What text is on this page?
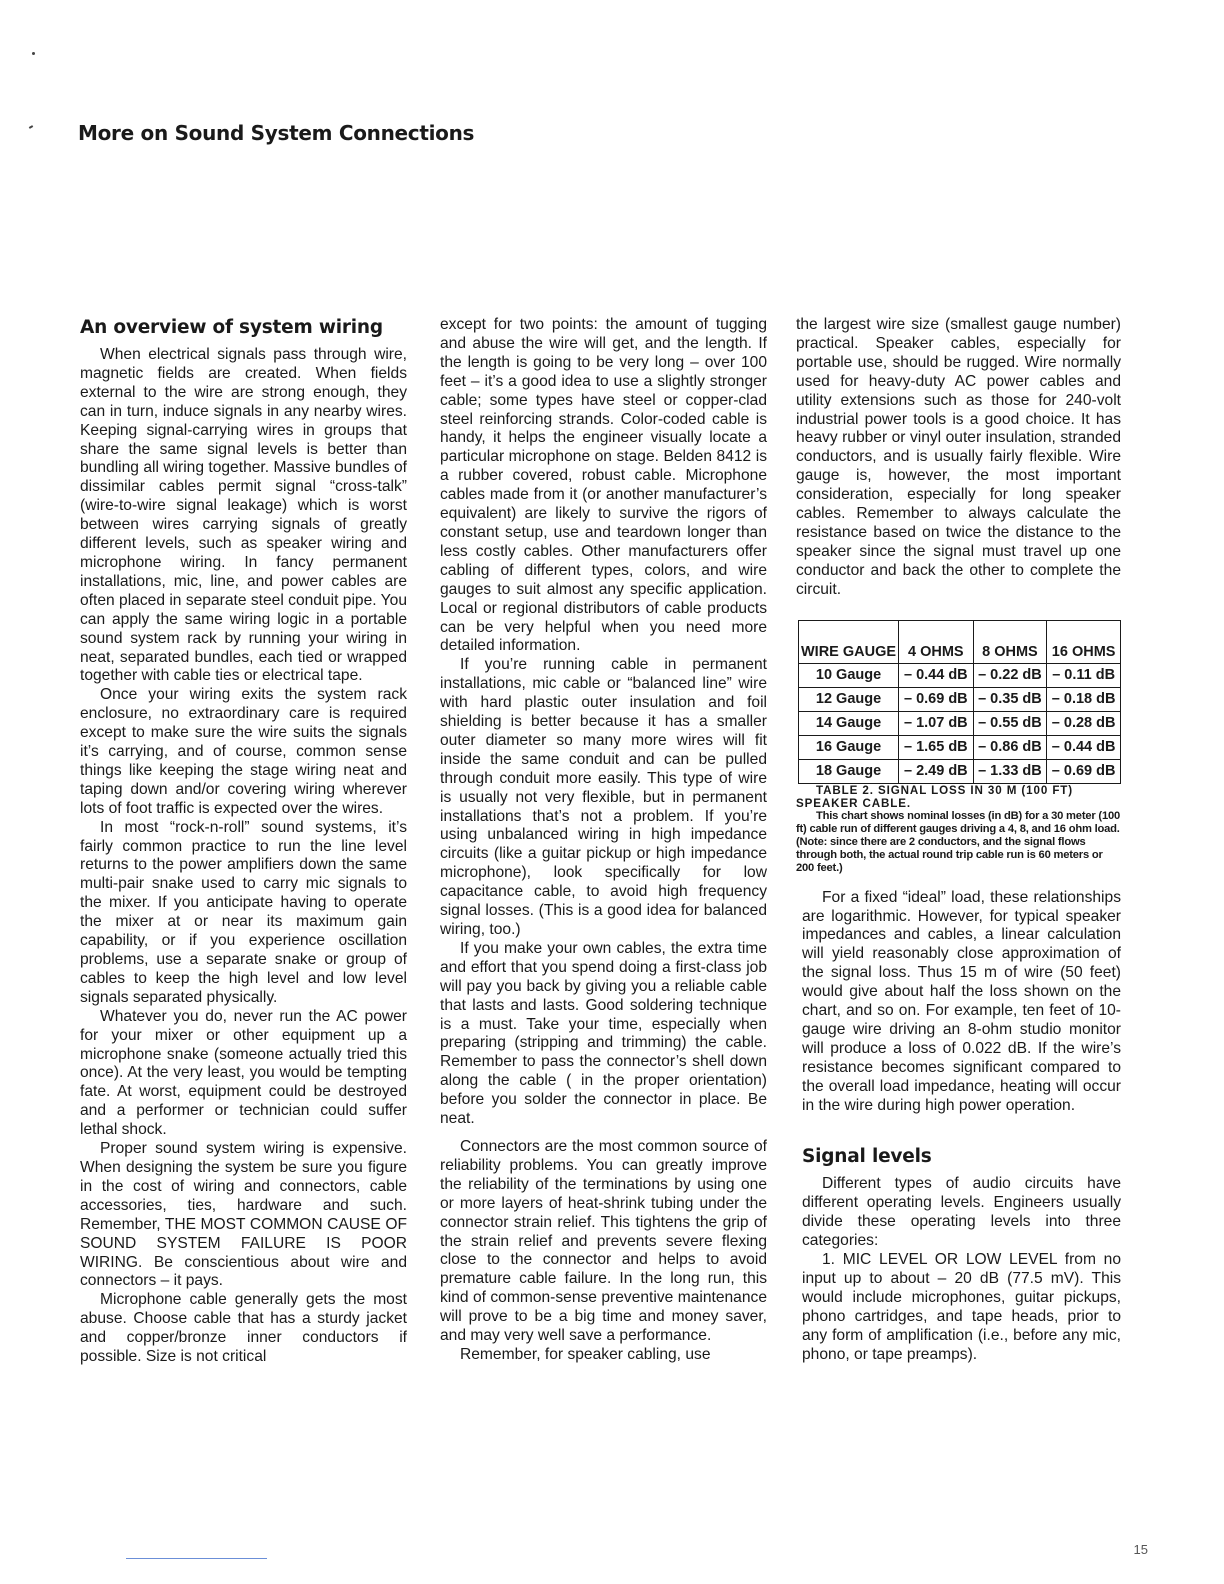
More on Sound System Connections
An overview of system wiring

When electrical signals pass through wire, magnetic fields are created. When fields external to the wire are strong enough, they can in turn, induce signals in any nearby wires. Keeping signal-carrying wires in groups that share the same signal levels is better than bundling all wiring together. Massive bundles of dissimilar cables permit signal “cross-talk” (wire-to-wire signal leakage) which is worst between wires carrying signals of greatly different levels, such as speaker wiring and microphone wiring. In fancy permanent installations, mic, line, and power cables are often placed in separate steel conduit pipe. You can apply the same wiring logic in a portable sound system rack by running your wiring in neat, separated bundles, each tied or wrapped together with cable ties or electrical tape.

Once your wiring exits the system rack enclosure, no extraordinary care is required except to make sure the wire suits the signals it’s carrying, and of course, common sense things like keeping the stage wiring neat and taping down and/or covering wiring wherever lots of foot traffic is expected over the wires.

In most “rock-n-roll” sound systems, it’s fairly common practice to run the line level returns to the power amplifiers down the same multi-pair snake used to carry mic signals to the mixer. If you anticipate having to operate the mixer at or near its maximum gain capability, or if you experience oscillation problems, use a separate snake or group of cables to keep the high level and low level signals separated physically.

Whatever you do, never run the AC power for your mixer or other equipment up a microphone snake (someone actually tried this once). At the very least, you would be tempting fate. At worst, equipment could be destroyed and a performer or technician could suffer lethal shock.

Proper sound system wiring is expensive. When designing the system be sure you figure in the cost of wiring and connectors, cable accessories, ties, hardware and such. Remember, THE MOST COMMON CAUSE OF SOUND SYSTEM FAILURE IS POOR WIRING. Be conscientious about wire and connectors – it pays.

Microphone cable generally gets the most abuse. Choose cable that has a sturdy jacket and copper/bronze inner conductors if possible. Size is not critical

except for two points: the amount of tugging and abuse the wire will get, and the length. If the length is going to be very long – over 100 feet – it’s a good idea to use a slightly stronger cable; some types have steel or copper-clad steel reinforcing strands. Color-coded cable is handy, it helps the engineer visually locate a particular microphone on stage. Belden 8412 is a rubber covered, robust cable. Microphone cables made from it (or another manufacturer’s equivalent) are likely to survive the rigors of constant setup, use and teardown longer than less costly cables. Other manufacturers offer cabling of different types, colors, and wire gauges to suit almost any specific application. Local or regional distributors of cable products can be very helpful when you need more detailed information.

If you’re running cable in permanent installations, mic cable or “balanced line” wire with hard plastic outer insulation and foil shielding is better because it has a smaller outer diameter so many more wires will fit inside the same conduit and can be pulled through conduit more easily. This type of wire is usually not very flexible, but in permanent installations that’s not a problem. If you’re using unbalanced wiring in high impedance circuits (like a guitar pickup or high impedance microphone), look specifically for low capacitance cable, to avoid high frequency signal losses. (This is a good idea for balanced wiring, too.)

If you make your own cables, the extra time and effort that you spend doing a first-class job will pay you back by giving you a reliable cable that lasts and lasts. Good soldering technique is a must. Take your time, especially when preparing (stripping and trimming) the cable. Remember to pass the connector’s shell down along the cable ( in the proper orientation) before you solder the connector in place. Be neat.

Connectors are the most common source of reliability problems. You can greatly improve the reliability of the terminations by using one or more layers of heat-shrink tubing under the connector strain relief. This tightens the grip of the strain relief and prevents severe flexing close to the connector and helps to avoid premature cable failure. In the long run, this kind of common-sense preventive maintenance will prove to be a big time and money saver, and may very well save a performance.

Remember, for speaker cabling, use

the largest wire size (smallest gauge number) practical. Speaker cables, especially for portable use, should be rugged. Wire normally used for heavy-duty AC power cables and utility extensions such as those for 240-volt industrial power tools is a good choice. It has heavy rubber or vinyl outer insulation, stranded conductors, and is usually fairly flexible. Wire gauge is, however, the most important consideration, especially for long speaker cables. Remember to always calculate the resistance based on twice the distance to the speaker since the signal must travel up one conductor and back the other to complete the circuit.

WIRE GAUGE	4 OHMS	8 OHMS	16 OHMS
10 Gauge	– 0.44 dB	– 0.22 dB	– 0.11 dB
12 Gauge	– 0.69 dB	– 0.35 dB	– 0.18 dB
14 Gauge	– 1.07 dB	– 0.55 dB	– 0.28 dB
16 Gauge	– 1.65 dB	– 0.86 dB	– 0.44 dB
18 Gauge	– 2.49 dB	– 1.33 dB	– 0.69 dB

TABLE 2. SIGNAL LOSS IN 30 M (100 FT) SPEAKER CABLE.

This chart shows nominal losses (in dB) for a 30 meter (100 ft) cable run of different gauges driving a 4, 8, and 16 ohm load. (Note: since there are 2 conductors, and the signal flows through both, the actual round trip cable run is 60 meters or 200 feet.)

For a fixed “ideal” load, these relationships are logarithmic. However, for typical speaker impedances and cables, a linear calculation will yield reasonably close approximation of the signal loss. Thus 15 m of wire (50 feet) would give about half the loss shown on the chart, and so on. For example, ten feet of 10-gauge wire driving an 8-ohm studio monitor will produce a loss of 0.022 dB. If the wire’s resistance becomes significant compared to the overall load impedance, heating will occur in the wire during high power operation.

Signal levels

Different types of audio circuits have different operating levels. Engineers usually divide these operating levels into three categories:

1. MIC LEVEL OR LOW LEVEL from no input up to about – 20 dB (77.5 mV). This would include microphones, guitar pickups, phono cartridges, and tape heads, prior to any form of amplification (i.e., before any mic, phono, or tape preamps).

15
